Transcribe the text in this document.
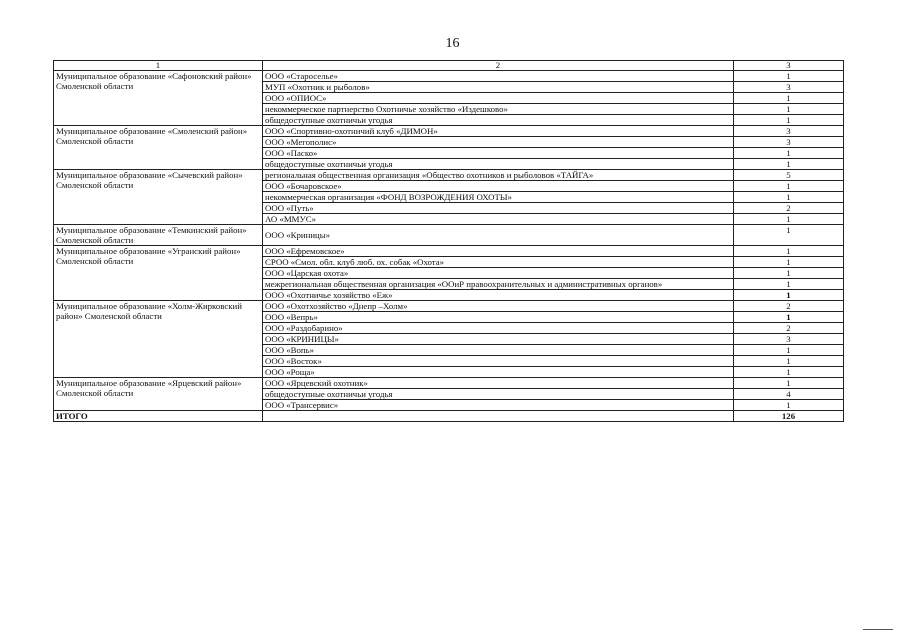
16
1	2	3
Муниципальное образование «Сафоновский район» Смоленской области	ООО «Староселье»	1
	МУП «Охотник и рыболов»	3
	ООО «ОПИОС»	1
	некоммерческое партнерство Охотничье хозяйство «Издешково»	1
	общедоступные охотничьи угодья	1
Муниципальное образование «Смоленский район» Смоленской области	ООО «Спортивно-охотничий клуб «ДИМОН»	3
	ООО «Мегополис»	3
	ООО «Паско»	1
	общедоступные охотничьи угодья	1
Муниципальное образование «Сычевский район» Смоленской области	региональная общественная организация «Общество охотников и рыболовов «ТАЙГА»	5
	ООО «Бочаровское»	1
	некоммерческая организация «ФОНД ВОЗРОЖДЕНИЯ ОХОТЫ»	1
	ООО «Путь»	2
	АО «ММУС»	1
Муниципальное образование «Темкинский район» Смоленской области	ООО «Криницы»	1
Муниципальное образование «Угранский район» Смоленской области	ООО «Ефремовское»	1
	СРОО «Смол. обл. клуб люб. ох. собак «Охота»	1
	ООО «Царская охота»	1
	межрегиональная общественная организация «ООиР правоохранительных и административных органов»	1
	ООО «Охотничье хозяйство «Еж»	1
Муниципальное образование «Холм-Жирковский район» Смоленской области	ООО «Охотхозяйство «Днепр –Холм»	2
	ООО «Вепрь»	1
	ООО «Раздобарино»	2
	ООО «КРИНИЦЫ»	3
	ООО «Вопь»	1
	ООО «Восток»	1
	ООО «Роща»	1
Муниципальное образование «Ярцевский район» Смоленской области	ООО «Ярцевский охотник»	1
	общедоступные охотничьи угодья	4
	ООО «Трансервис»	1
ИТОГО		126
